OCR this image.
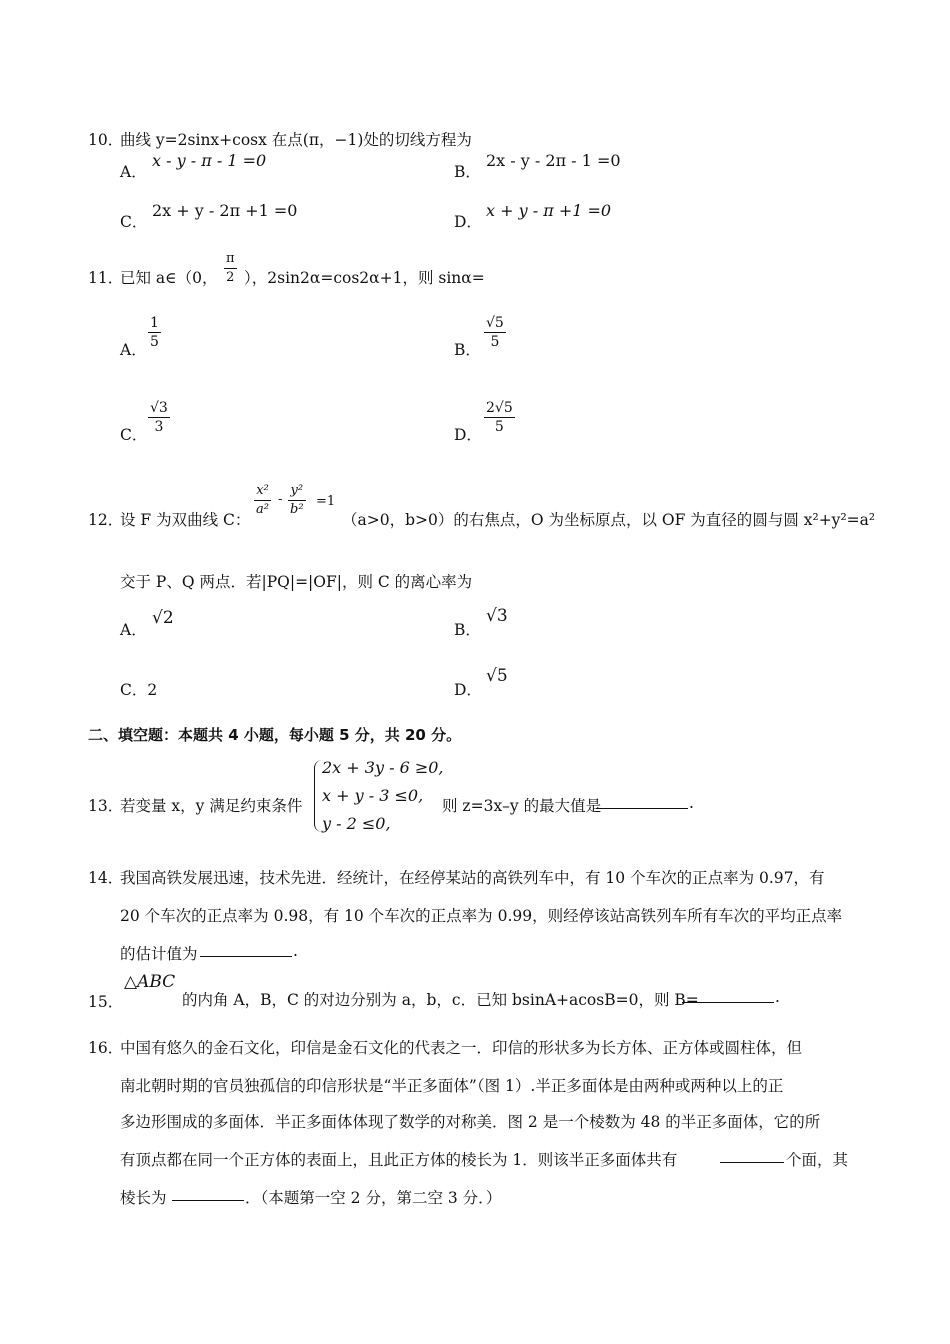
10．
曲线 y=2sinx+cosx 在点(π，−1)处的切线方程为
A．
x - y - π - 1 =0
B．
2x - y - 2π - 1 =0
C．
2x + y - 2π +1 =0
D．
x + y - π +1 =0
11．
已知 a∈（0， $\frac{\pi}{2}$ ），2sin2α=cos2α+1，则 sinα=
A． $\frac{1}{5}$	B． $\frac{√5}{5}$
C． $\frac{√3}{3}$	D． $\frac{2√5}{5}$
12．
设 F 为双曲线 C：
$\frac{\text{x²}}{\text{a²}} - \frac{\text{y²}}{\text{b²}} =1$
（a>0，b>0）的右焦点，O 为坐标原点，以 OF 为直径的圆与圆 x²+y²=a²
交于 P、Q 两点．若|PQ|=|OF|，则 C 的离心率为
A．
√2
B．
√3
C．2	D．
√5
二、填空题：本题共 4 小题，每小题 5 分，共 20 分。
13．
若变量 x，y 满足约束条件
2x + 3y - 6 ≥0,
x + y - 3 ≤0,
y - 2 ≤0,
则 z=3x–y 的最大值是	.
14．
我国高铁发展迅速，技术先进．经统计，在经停某站的高铁列车中，有 10 个车次的正点率为 0.97，有
20 个车次的正点率为 0.98，有 10 个车次的正点率为 0.99，则经停该站高铁列车所有车次的平均正点率
的估计值为	.
15．
△ABC
的内角 A，B，C 的对边分别为 a，b，c．已知 bsinA+acosB=0，则 B=	.
16．
中国有悠久的金石文化，印信是金石文化的代表之一．印信的形状多为长方体、正方体或圆柱体，但
南北朝时期的官员独孤信的印信形状是“半正多面体”（图 1）.半正多面体是由两种或两种以上的正
多边形围成的多面体．半正多面体体现了数学的对称美．图 2 是一个棱数为 48 的半正多面体，它的所
有顶点都在同一个正方体的表面上，且此正方体的棱长为 1．则该半正多面体共有	个面，其
棱长为	．（本题第一空 2 分，第二空 3 分．）
